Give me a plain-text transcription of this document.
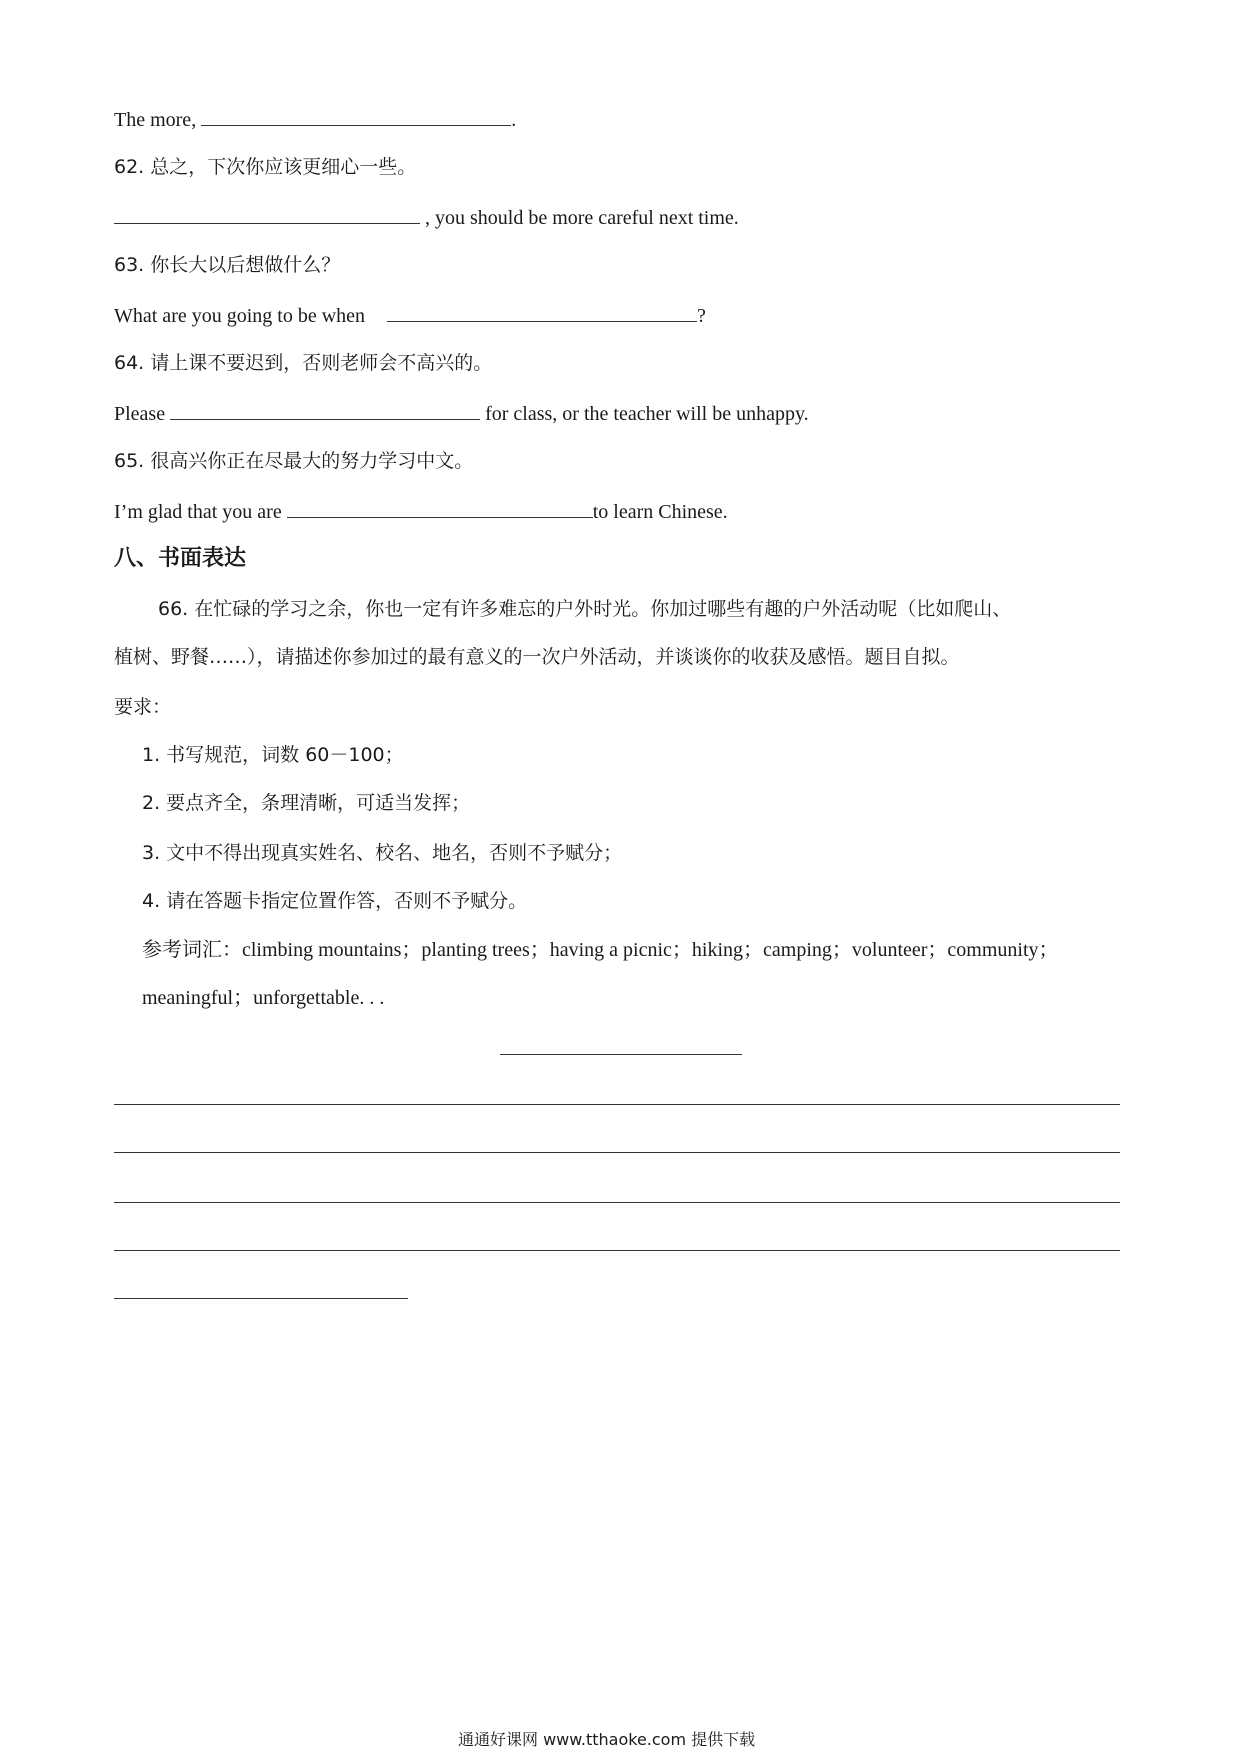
The more,	.
62. 总之，下次你应该更细心一些。
, you should be more careful next time.
63. 你长大以后想做什么？
What are you going to be when	?
64. 请上课不要迟到，否则老师会不高兴的。
Please	for class, or the teacher will be unhappy.
65. 很高兴你正在尽最大的努力学习中文。
I’m glad that you are	to learn Chinese.
八、书面表达
66. 在忙碌的学习之余，你也一定有许多难忘的户外时光。你加过哪些有趣的户外活动呢（比如爬山、
植树、野餐……），请描述你参加过的最有意义的一次户外活动，并谈谈你的收获及感悟。题目自拟。
要求：
1. 书写规范，词数 60－100；
2. 要点齐全，条理清晰，可适当发挥；
3. 文中不得出现真实姓名、校名、地名，否则不予赋分；
4. 请在答题卡指定位置作答，否则不予赋分。
参考词汇：climbing mountains；planting trees；having a picnic；hiking；camping；volunteer；community；
meaningful；unforgettable. . .
通通好课网 www.tthaoke.com 提供下载
